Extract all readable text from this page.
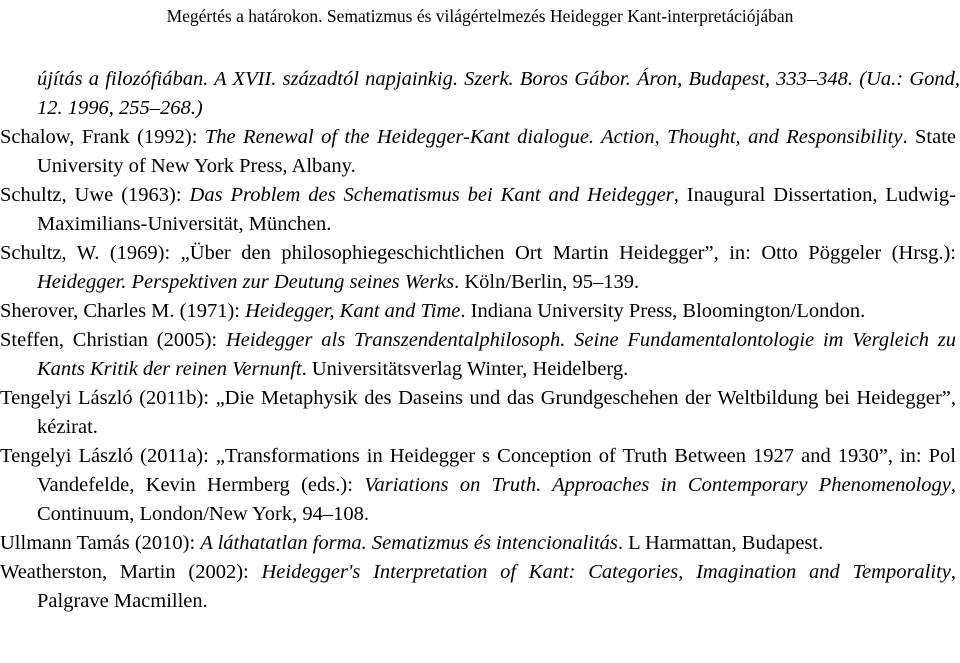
Megértés a határokon. Sematizmus és világértelmezés Heidegger Kant-interpretációjában

újítás a filozófiában. A XVII. századtól napjainkig. Szerk. Boros Gábor. Áron, Budapest, 333–348. (Ua.: Gond, 12. 1996, 255–268.)

Schalow, Frank (1992): The Renewal of the Heidegger-Kant dialogue. Action, Thought, and Responsibility. State University of New York Press, Albany.

Schultz, Uwe (1963): Das Problem des Schematismus bei Kant and Heidegger, Inaugural Dissertation, Ludwig-Maximilians-Universität, München.

Schultz, W. (1969): „Über den philosophiegeschichtlichen Ort Martin Heidegger”, in: Otto Pöggeler (Hrsg.): Heidegger. Perspektiven zur Deutung seines Werks. Köln/Berlin, 95–139.

Sherover, Charles M. (1971): Heidegger, Kant and Time. Indiana University Press, Bloomington/London.

Steffen, Christian (2005): Heidegger als Transzendentalphilosoph. Seine Fundamentalontologie im Vergleich zu Kants Kritik der reinen Vernunft. Universitätsverlag Winter, Heidelberg.

Tengelyi László (2011b): „Die Metaphysik des Daseins und das Grundgeschehen der Weltbildung bei Heidegger”, kézirat.

Tengelyi László (2011a): „Transformations in Heidegger s Conception of Truth Between 1927 and 1930”, in: Pol Vandefelde, Kevin Hermberg (eds.): Variations on Truth. Approaches in Contemporary Phenomenology, Continuum, London/New York, 94–108.

Ullmann Tamás (2010): A láthatatlan forma. Sematizmus és intencionalitás. L Harmattan, Budapest.

Weatherston, Martin (2002): Heidegger's Interpretation of Kant: Categories, Imagination and Temporality, Palgrave Macmillen.
